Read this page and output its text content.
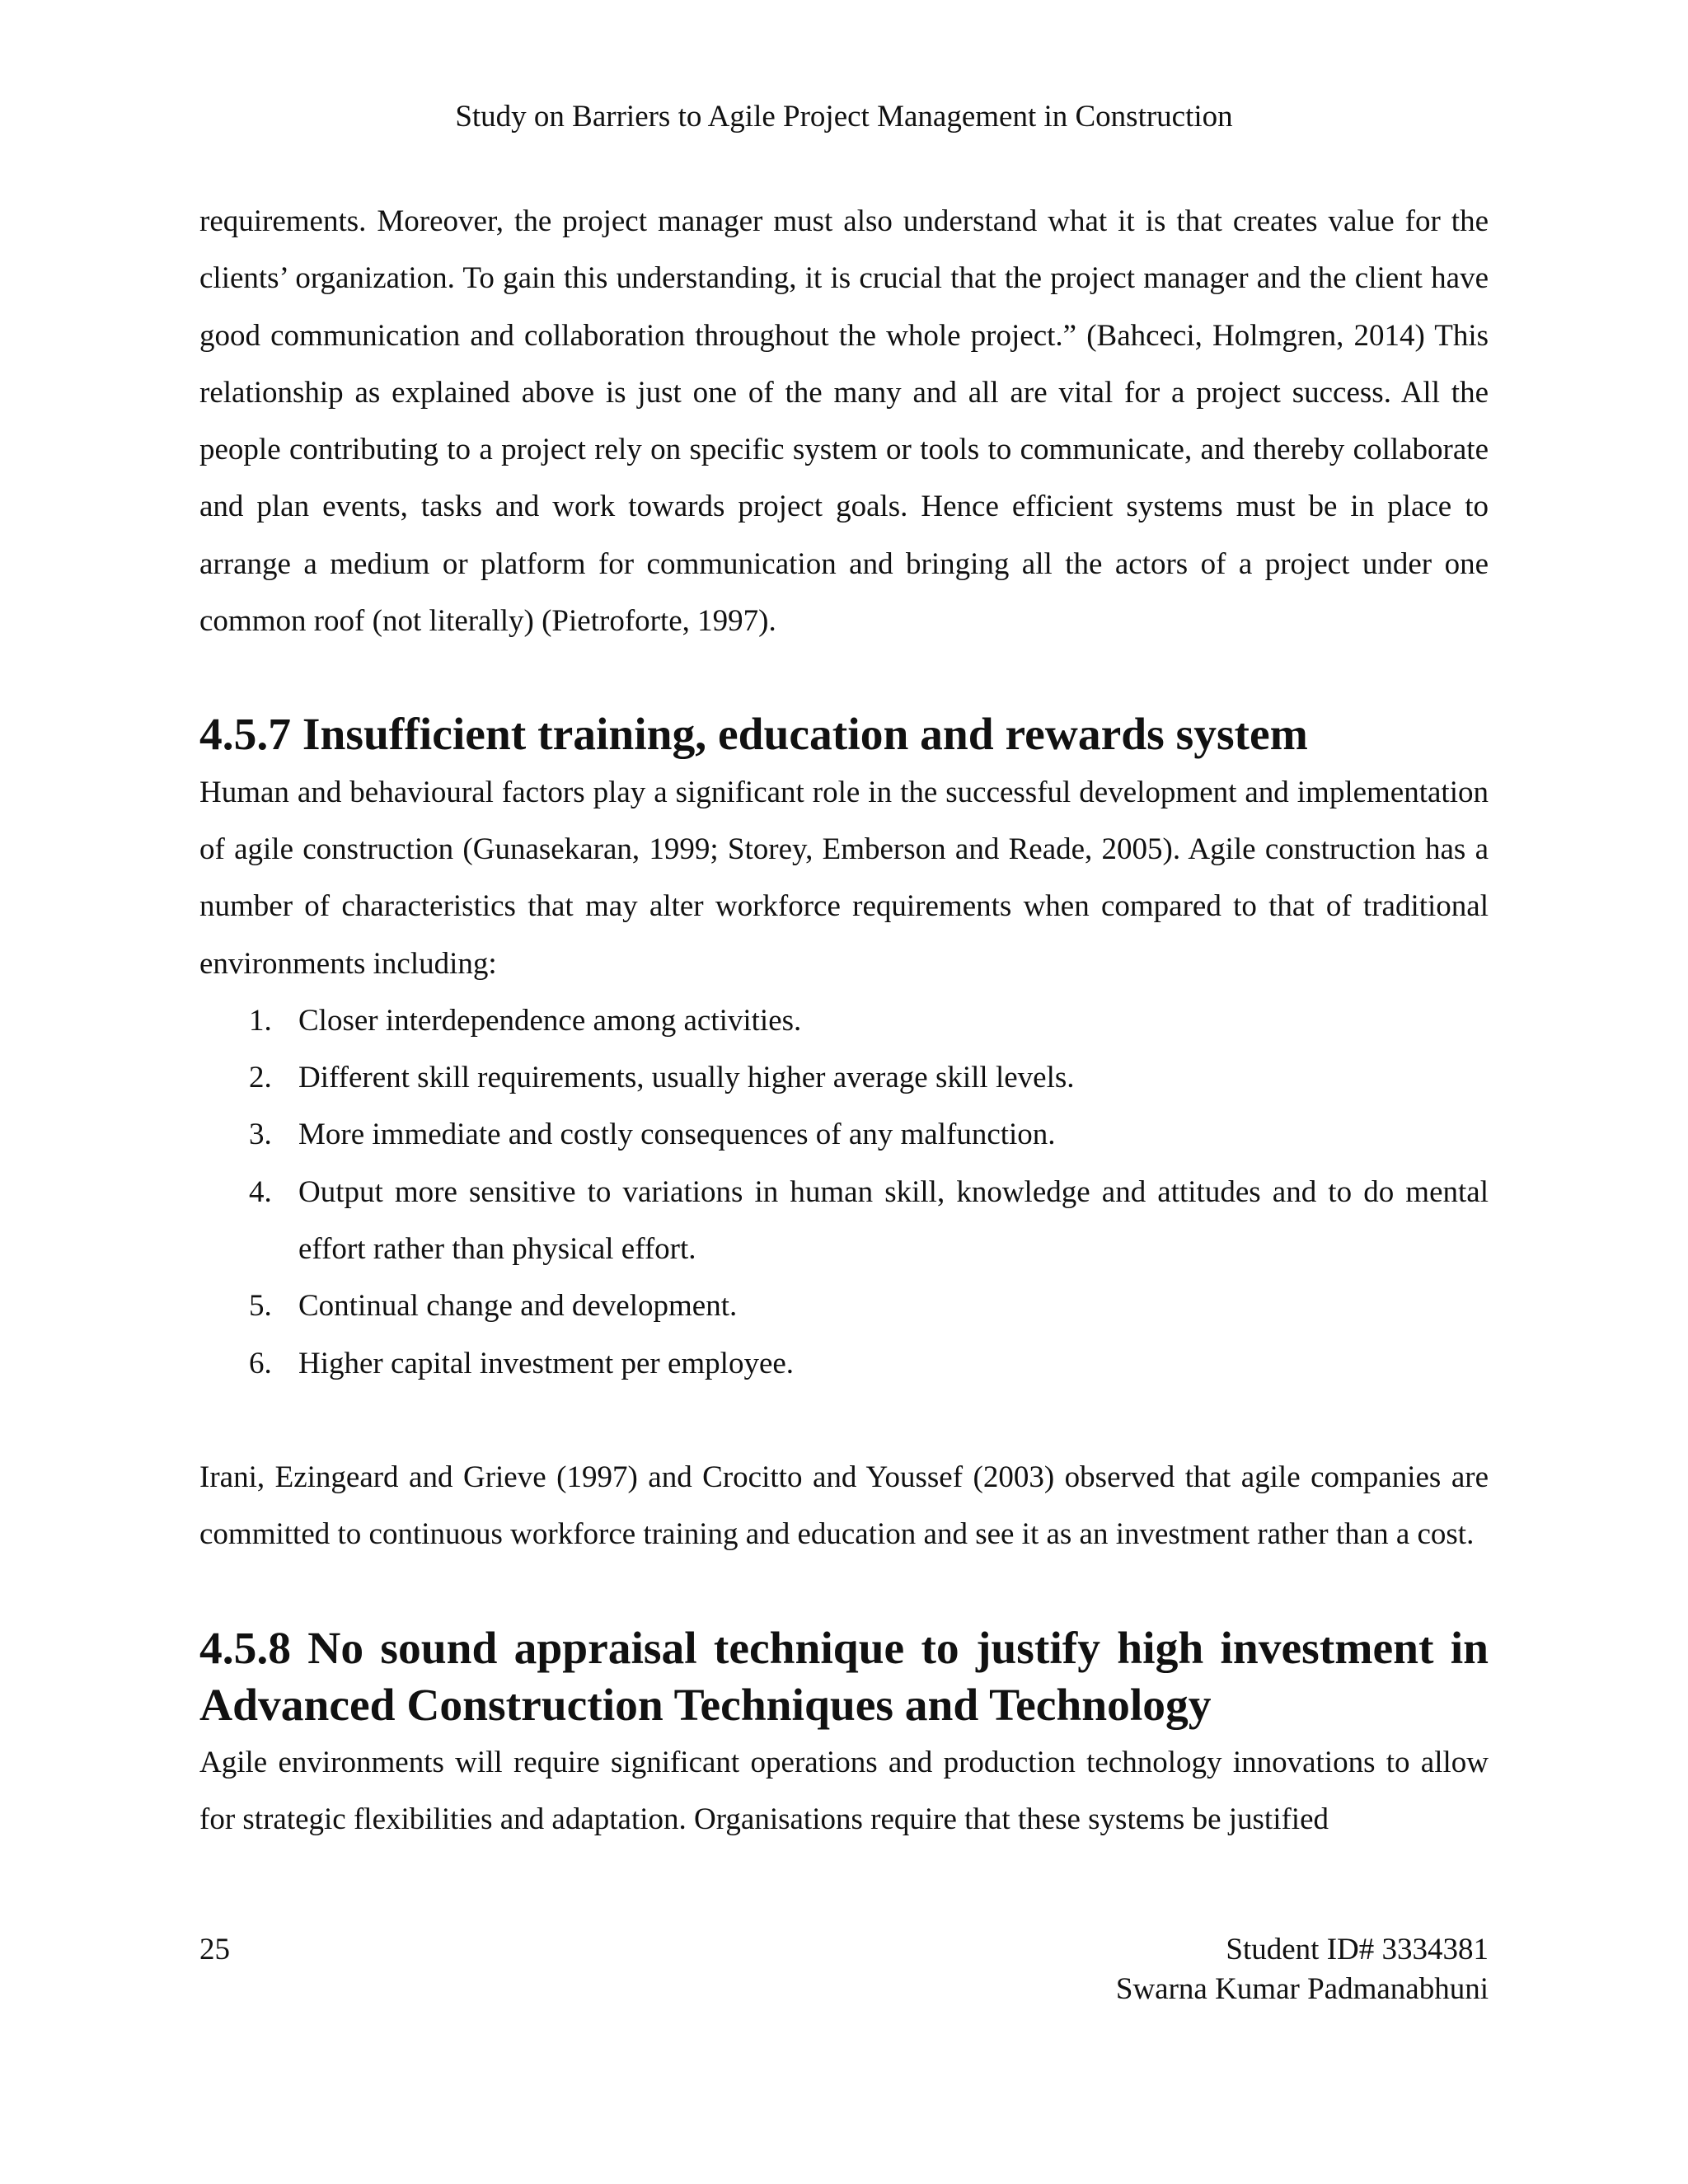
Study on Barriers to Agile Project Management in Construction

requirements. Moreover, the project manager must also understand what it is that creates value for the clients’ organization. To gain this understanding, it is crucial that the project manager and the client have good communication and collaboration throughout the whole project.” (Bahceci, Holmgren, 2014) This relationship as explained above is just one of the many and all are vital for a project success. All the people contributing to a project rely on specific system or tools to communicate, and thereby collaborate and plan events, tasks and work towards project goals. Hence efficient systems must be in place to arrange a medium or platform for communication and bringing all the actors of a project under one common roof (not literally) (Pietroforte, 1997).

4.5.7 Insufficient training, education and rewards system

Human and behavioural factors play a significant role in the successful development and implementation of agile construction (Gunasekaran, 1999; Storey, Emberson and Reade, 2005). Agile construction has a number of characteristics that may alter workforce requirements when compared to that of traditional environments including:

1. Closer interdependence among activities.
2. Different skill requirements, usually higher average skill levels.
3. More immediate and costly consequences of any malfunction.
4. Output more sensitive to variations in human skill, knowledge and attitudes and to do mental effort rather than physical effort.
5. Continual change and development.
6. Higher capital investment per employee.

Irani, Ezingeard and Grieve (1997) and Crocitto and Youssef (2003) observed that agile companies are committed to continuous workforce training and education and see it as an investment rather than a cost.

4.5.8 No sound appraisal technique to justify high investment in Advanced Construction Techniques and Technology

Agile environments will require significant operations and production technology innovations to allow for strategic flexibilities and adaptation. Organisations require that these systems be justified

25	Student ID# 3334381
Swarna Kumar Padmanabhuni
